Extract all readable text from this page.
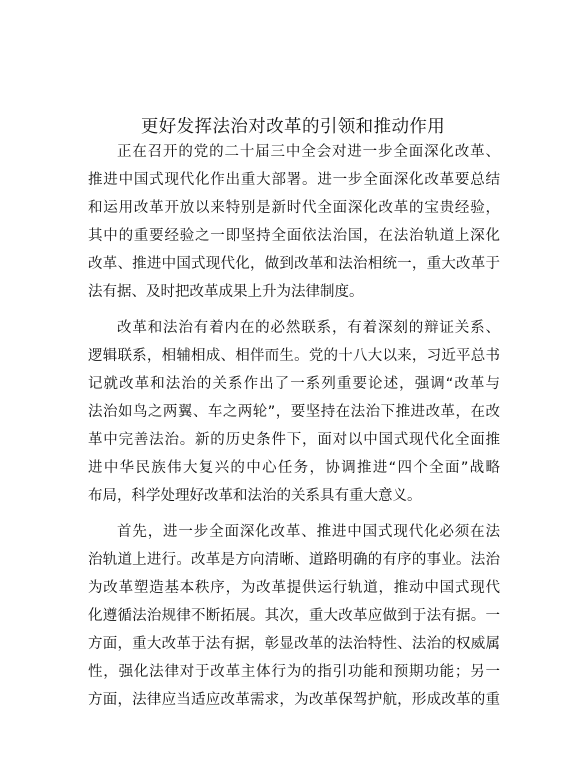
更好发挥法治对改革的引领和推动作用
正在召开的党的二十届三中全会对进一步全面深化改革、
推进中国式现代化作出重大部署。进一步全面深化改革要总结
和运用改革开放以来特别是新时代全面深化改革的宝贵经验，
其中的重要经验之一即坚持全面依法治国，在法治轨道上深化
改革、推进中国式现代化，做到改革和法治相统一，重大改革于
法有据、及时把改革成果上升为法律制度。
改革和法治有着内在的必然联系，有着深刻的辩证关系、
逻辑联系，相辅相成、相伴而生。党的十八大以来，习近平总书
记就改革和法治的关系作出了一系列重要论述，强调“改革与
法治如鸟之两翼、车之两轮”，要坚持在法治下推进改革，在改
革中完善法治。新的历史条件下，面对以中国式现代化全面推
进中华民族伟大复兴的中心任务，协调推进“四个全面”战略
布局，科学处理好改革和法治的关系具有重大意义。
首先，进一步全面深化改革、推进中国式现代化必须在法
治轨道上进行。改革是方向清晰、道路明确的有序的事业。法治
为改革塑造基本秩序，为改革提供运行轨道，推动中国式现代
化遵循法治规律不断拓展。其次，重大改革应做到于法有据。一
方面，重大改革于法有据，彰显改革的法治特性、法治的权威属
性，强化法律对于改革主体行为的指引功能和预期功能；另一
方面，法律应当适应改革需求，为改革保驾护航，形成改革的重
